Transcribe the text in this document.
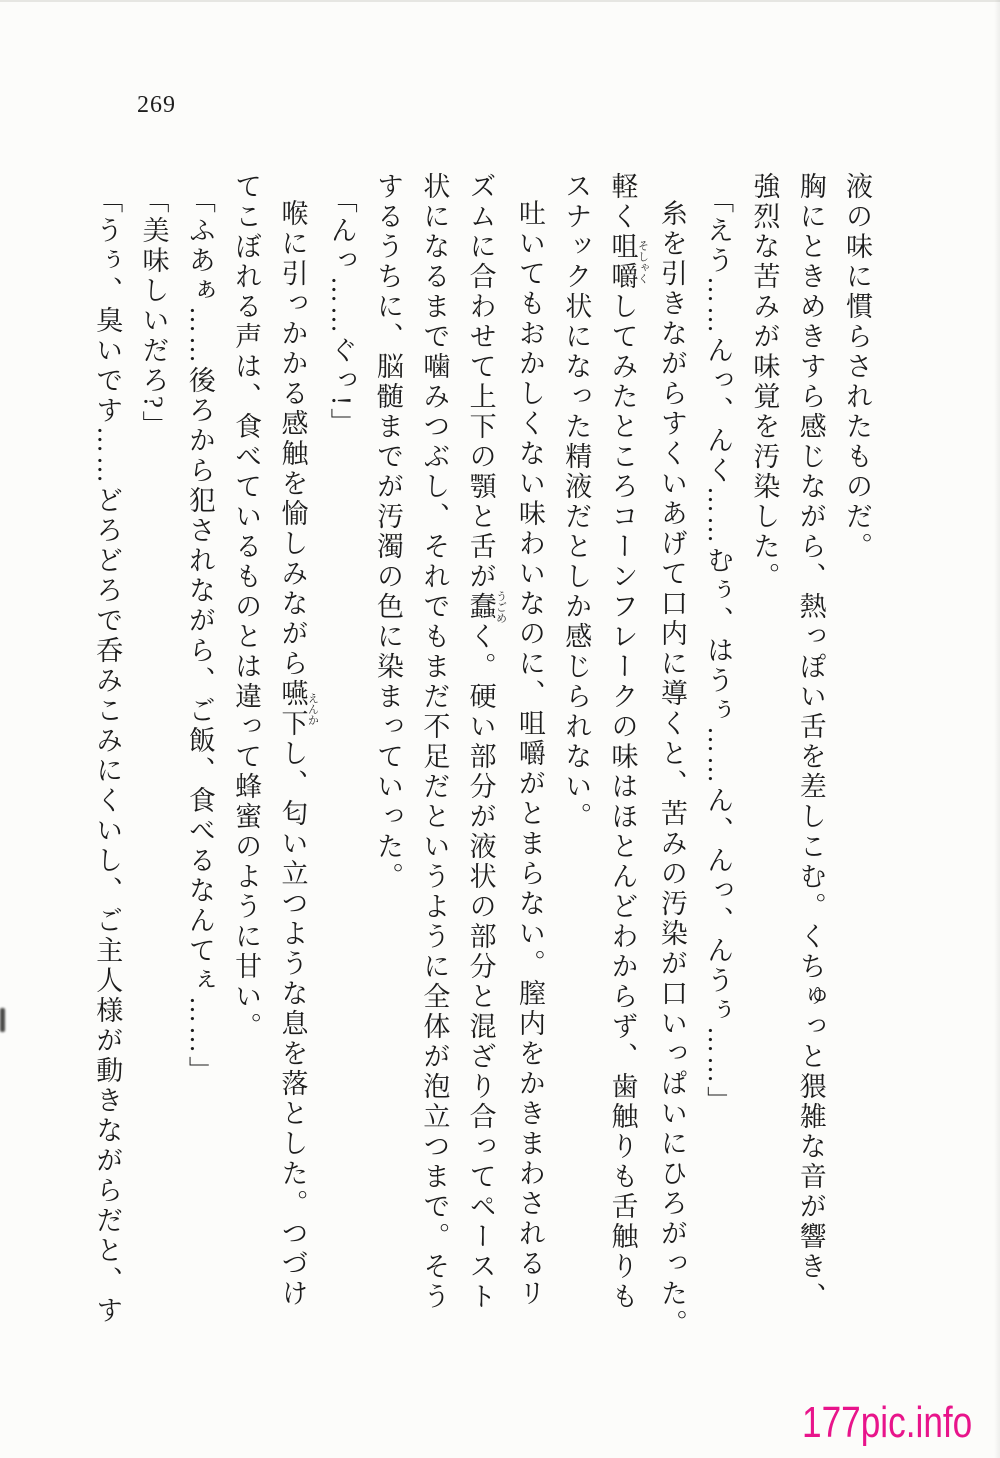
269
液の味に慣らされたものだ。
胸にときめきすら感じながら、熱っぽい舌を差しこむ。くちゅっと猥雑な音が響き、
強烈な苦みが味覚を汚染した。
「えう……んっ、んく……むぅ、はうぅ……ん、んっ、んうぅ……」
糸を引きながらすくいあげて口内に導くと、苦みの汚染が口いっぱいにひろがった。
軽く咀嚼 そしゃくしてみたところコーンフレークの味はほとんどわからず、歯触りも舌触りも
スナック状になった精液だとしか感じられない。
吐いてもおかしくない味わいなのに、咀嚼がとまらない。膣内をかきまわされるリ
ズムに合わせて上下の顎と舌が蠢 うごめく。硬い部分が液状の部分と混ざり合ってペースト
状になるまで噛みつぶし、それでもまだ不足だというように全体が泡立つまで。そう
するうちに、脳髄までが汚濁の色に染まっていった。
「んっ……ぐっ!」
喉に引っかかる感触を愉しみながら嚥下 えんかし、匂い立つような息を落とした。つづけ
てこぼれる声は、食べているものとは違って蜂蜜のように甘い。
「ふあぁ……後ろから犯されながら、ご飯、食べるなんてぇ……」
「美味しいだろ?」
「うぅ、臭いです……どろどろで呑みこみにくいし、ご主人様が動きながらだと、す
177pic.info
